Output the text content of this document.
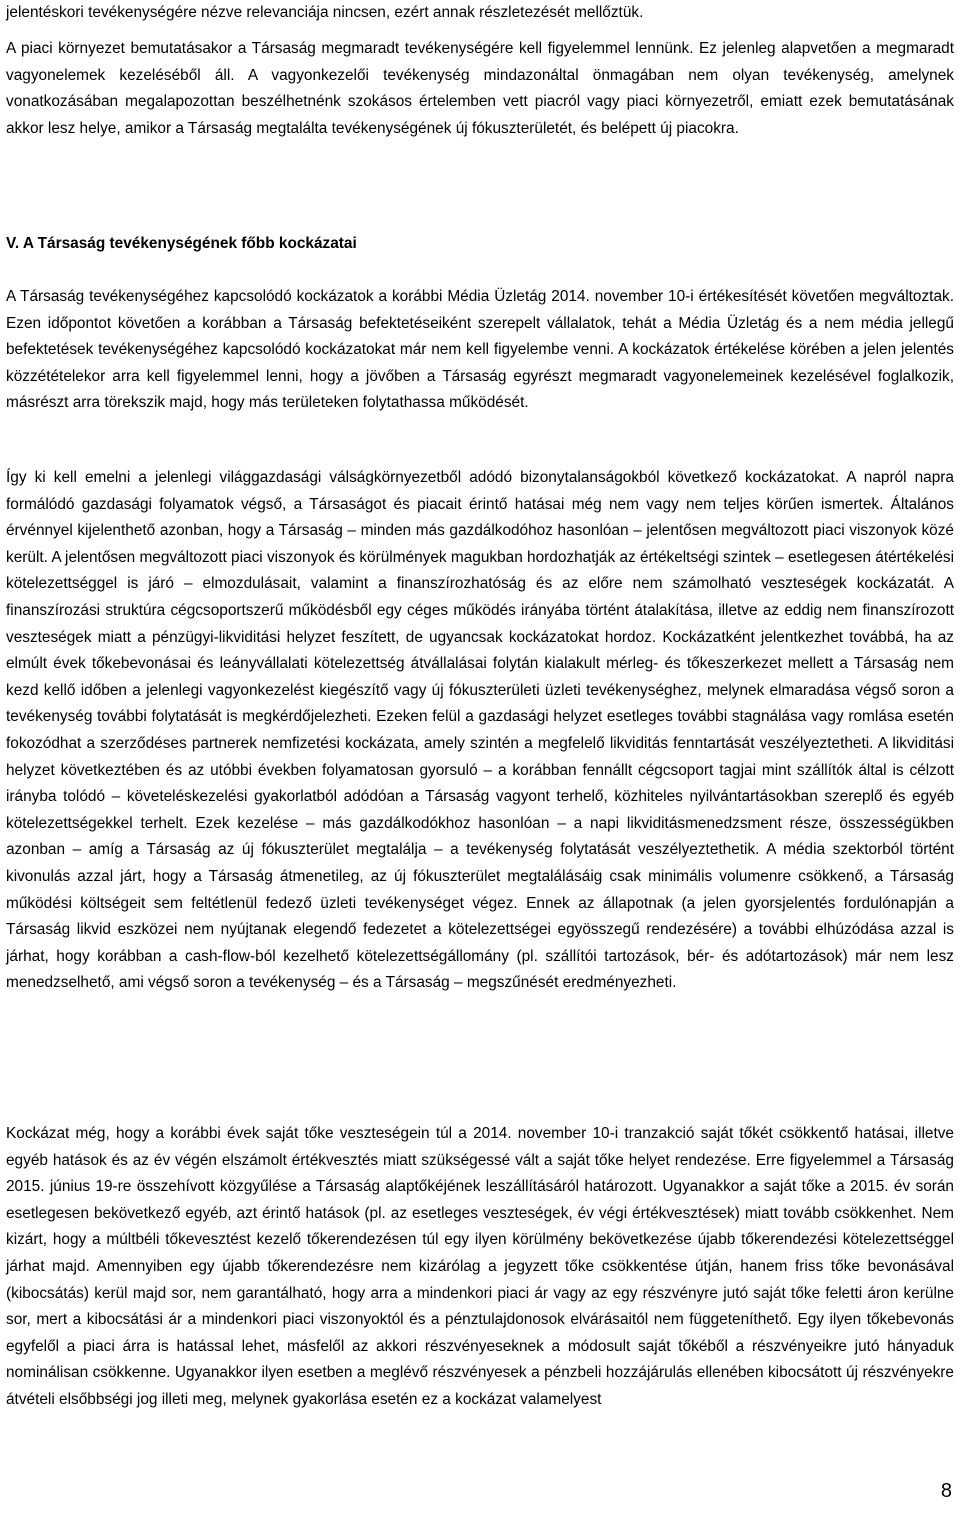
jelentéskori tevékenységére nézve relevanciája nincsen, ezért annak részletezését mellőztük.

A piaci környezet bemutatásakor a Társaság megmaradt tevékenységére kell figyelemmel lennünk. Ez jelenleg alapvetően a megmaradt vagyonelemek kezeléséből áll. A vagyonkezelői tevékenység mindazonáltal önmagában nem olyan tevékenység, amelynek vonatkozásában megalapozottan beszélhetnénk szokásos értelemben vett piacról vagy piaci környezetről, emiatt ezek bemutatásának akkor lesz helye, amikor a Társaság megtalálta tevékenységének új fókuszterületét, és belépett új piacokra.

V. A Társaság tevékenységének főbb kockázatai

A Társaság tevékenységéhez kapcsolódó kockázatok a korábbi Média Üzletág 2014. november 10-i értékesítését követően megváltoztak. Ezen időpontot követően a korábban a Társaság befektetéseiként szerepelt vállalatok, tehát a Média Üzletág és a nem média jellegű befektetések tevékenységéhez kapcsolódó kockázatokat már nem kell figyelembe venni. A kockázatok értékelése körében a jelen jelentés közzétételekor arra kell figyelemmel lenni, hogy a jövőben a Társaság egyrészt megmaradt vagyonelemeinek kezelésével foglalkozik, másrészt arra törekszik majd, hogy más területeken folytathassa működését.

Így ki kell emelni a jelenlegi világgazdasági válságkörnyezetből adódó bizonytalanságokból következő kockázatokat. A napról napra formálódó gazdasági folyamatok végső, a Társaságot és piacait érintő hatásai még nem vagy nem teljes körűen ismertek. Általános érvénnyel kijelenthető azonban, hogy a Társaság – minden más gazdálkodóhoz hasonlóan – jelentősen megváltozott piaci viszonyok közé került. A jelentősen megváltozott piaci viszonyok és körülmények magukban hordozhatják az értékeltségi szintek – esetlegesen átértékelési kötelezettséggel is járó – elmozdulásait, valamint a finanszírozhatóság és az előre nem számolható veszteségek kockázatát. A finanszírozási struktúra cégcsoportszerű működésből egy céges működés irányába történt átalakítása, illetve az eddig nem finanszírozott veszteségek miatt a pénzügyi-likviditási helyzet feszített, de ugyancsak kockázatokat hordoz. Kockázatként jelentkezhet továbbá, ha az elmúlt évek tőkebevonásai és leányvállalati kötelezettség átvállalásai folytán kialakult mérleg- és tőkeszerkezet mellett a Társaság nem kezd kellő időben a jelenlegi vagyonkezelést kiegészítő vagy új fókuszterületi üzleti tevékenységhez, melynek elmaradása végső soron a tevékenység további folytatását is megkérdőjelezheti. Ezeken felül a gazdasági helyzet esetleges további stagnálása vagy romlása esetén fokozódhat a szerződéses partnerek nemfizetési kockázata, amely szintén a megfelelő likviditás fenntartását veszélyeztetheti. A likviditási helyzet következtében és az utóbbi években folyamatosan gyorsuló – a korábban fennállt cégcsoport tagjai mint szállítók által is célzott irányba tolódó – követeléskezelési gyakorlatból adódóan a Társaság vagyont terhelő, közhiteles nyilvántartásokban szereplő és egyéb kötelezettségekkel terhelt. Ezek kezelése – más gazdálkodókhoz hasonlóan – a napi likviditásmenedzsment része, összességükben azonban – amíg a Társaság az új fókuszterület megtalálja – a tevékenység folytatását veszélyeztethetik. A média szektorból történt kivonulás azzal járt, hogy a Társaság átmenetileg, az új fókuszterület megtalálásáig csak minimális volumenre csökkenő, a Társaság működési költségeit sem feltétlenül fedező üzleti tevékenységet végez. Ennek az állapotnak (a jelen gyorsjelentés fordulónapján a Társaság likvid eszközei nem nyújtanak elegendő fedezetet a kötelezettségei egyösszegű rendezésére) a további elhúzódása azzal is járhat, hogy korábban a cash-flow-ból kezelhető kötelezettségállomány (pl. szállítói tartozások, bér- és adótartozások) már nem lesz menedzselhető, ami végső soron a tevékenység – és a Társaság – megszűnését eredményezheti.

Kockázat még, hogy a korábbi évek saját tőke veszteségein túl a 2014. november 10-i tranzakció saját tőkét csökkentő hatásai, illetve egyéb hatások és az év végén elszámolt értékvesztés miatt szükségessé vált a saját tőke helyet rendezése. Erre figyelemmel a Társaság 2015. június 19-re összehívott közgyűlése a Társaság alaptőkéjének leszállításáról határozott. Ugyanakkor a saját tőke a 2015. év során esetlegesen bekövetkező egyéb, azt érintő hatások (pl. az esetleges veszteségek, év végi értékvesztések) miatt tovább csökkenhet. Nem kizárt, hogy a múltbéli tőkevesztést kezelő tőkerendezésen túl egy ilyen körülmény bekövetkezése újabb tőkerendezési kötelezettséggel járhat majd. Amennyiben egy újabb tőkerendezésre nem kizárólag a jegyzett tőke csökkentése útján, hanem friss tőke bevonásával (kibocsátás) kerül majd sor, nem garantálható, hogy arra a mindenkori piaci ár vagy az egy részvényre jutó saját tőke feletti áron kerülne sor, mert a kibocsátási ár a mindenkori piaci viszonyoktól és a pénztulajdonosok elvárásaitól nem függeteníthető. Egy ilyen tőkebevonás egyfelől a piaci árra is hatással lehet, másfelől az akkori részvényeseknek a módosult saját tőkéből a részvényeikre jutó hányaduk nominálisan csökkenne. Ugyanakkor ilyen esetben a meglévő részvényesek a pénzbeli hozzájárulás ellenében kibocsátott új részvényekre átvételi elsőbbségi jog illeti meg, melynek gyakorlása esetén ez a kockázat valamelyest

8
